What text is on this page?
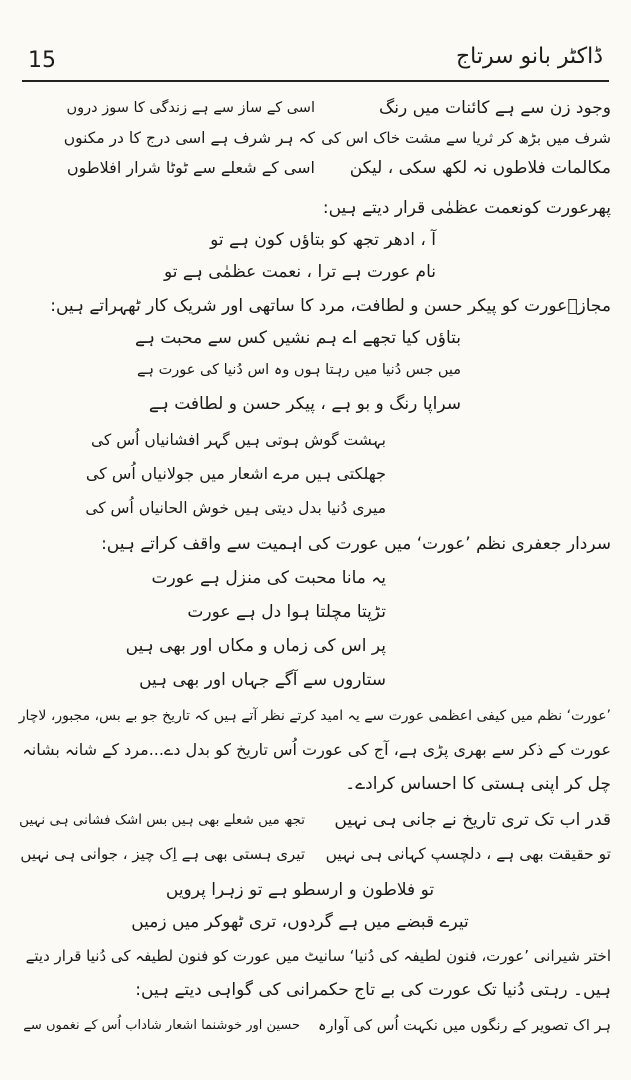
15	ڈاکٹر بانو سرتاج
وجود زن سے ہے کائنات میں رنگ
اسی کے ساز سے ہے زندگی کا سوز دروں
شرف میں بڑھ کر ثریا سے مشت خاک اس کی
کہ ہر شرف ہے اسی درج کا در مکنوں
مکالمات فلاطوں نہ لکھ سکی ، لیکن
اسی کے شعلے سے ٹوٹا شرار افلاطوں
پھرعورت کونعمت عظمٰی قرار دیتے ہیں:
آ ، ادھر تجھ کو بتاؤں کون ہے تو
نام عورت ہے ترا ، نعمت عظمٰی ہے تو
مجازؔعورت کو پیکر حسن و لطافت، مرد کا ساتھی اور شریک کار ٹھہراتے ہیں:
بتاؤں کیا تجھے اے ہم نشیں کس سے محبت ہے
میں جس دُنیا میں رہتا ہوں وہ اس دُنیا کی عورت ہے
سراپا رنگ و بو ہے ، پیکر حسن و لطافت ہے
بہشت گوش ہوتی ہیں گہر افشانیاں اُس کی
جھلکتی ہیں مرے اشعار میں جولانیاں اُس کی
میری دُنیا بدل دیتی ہیں خوش الحانیاں اُس کی
سردار جعفری نظم ’عورت‘ میں عورت کی اہمیت سے واقف کراتے ہیں:
یہ مانا محبت کی منزل ہے عورت
تڑپتا مچلتا ہوا دل ہے عورت
پر اس کی زماں و مکاں اور بھی ہیں
ستاروں سے آگے جہاں اور بھی ہیں
’عورت‘ نظم میں کیفی اعظمی عورت سے یہ امید کرتے نظر آتے ہیں کہ تاریخ جو بے بس، مجبور، لاچار
عورت کے ذکر سے بھری پڑی ہے، آج کی عورت اُس تاریخ کو بدل دے...مرد کے شانہ بشانہ
چل کر اپنی ہستی کا احساس کرادے۔
قدر اب تک تری تاریخ نے جانی ہی نہیں
تجھ میں شعلے بھی ہیں بس اشک فشانی ہی نہیں
تو حقیقت بھی ہے ، دلچسپ کہانی ہی نہیں
تیری ہستی بھی ہے اِک چیز ، جوانی ہی نہیں
تو فلاطون و ارسطو ہے تو زہرا پرویں
تیرے قبضے میں ہے گردوں، تری ٹھوکر میں زمیں
اختر شیرانی ’عورت، فنون لطیفہ کی دُنیا‘ سانیٹ میں عورت کو فنون لطیفہ کی دُنیا قرار دیتے
ہیں۔ رہتی دُنیا تک عورت کی بے تاج حکمرانی کی گواہی دیتے ہیں:
ہر اک تصویر کے رنگوں میں نکہت اُس کی آوارہ
حسین اور خوشنما اشعار شاداب اُس کے نغموں سے
